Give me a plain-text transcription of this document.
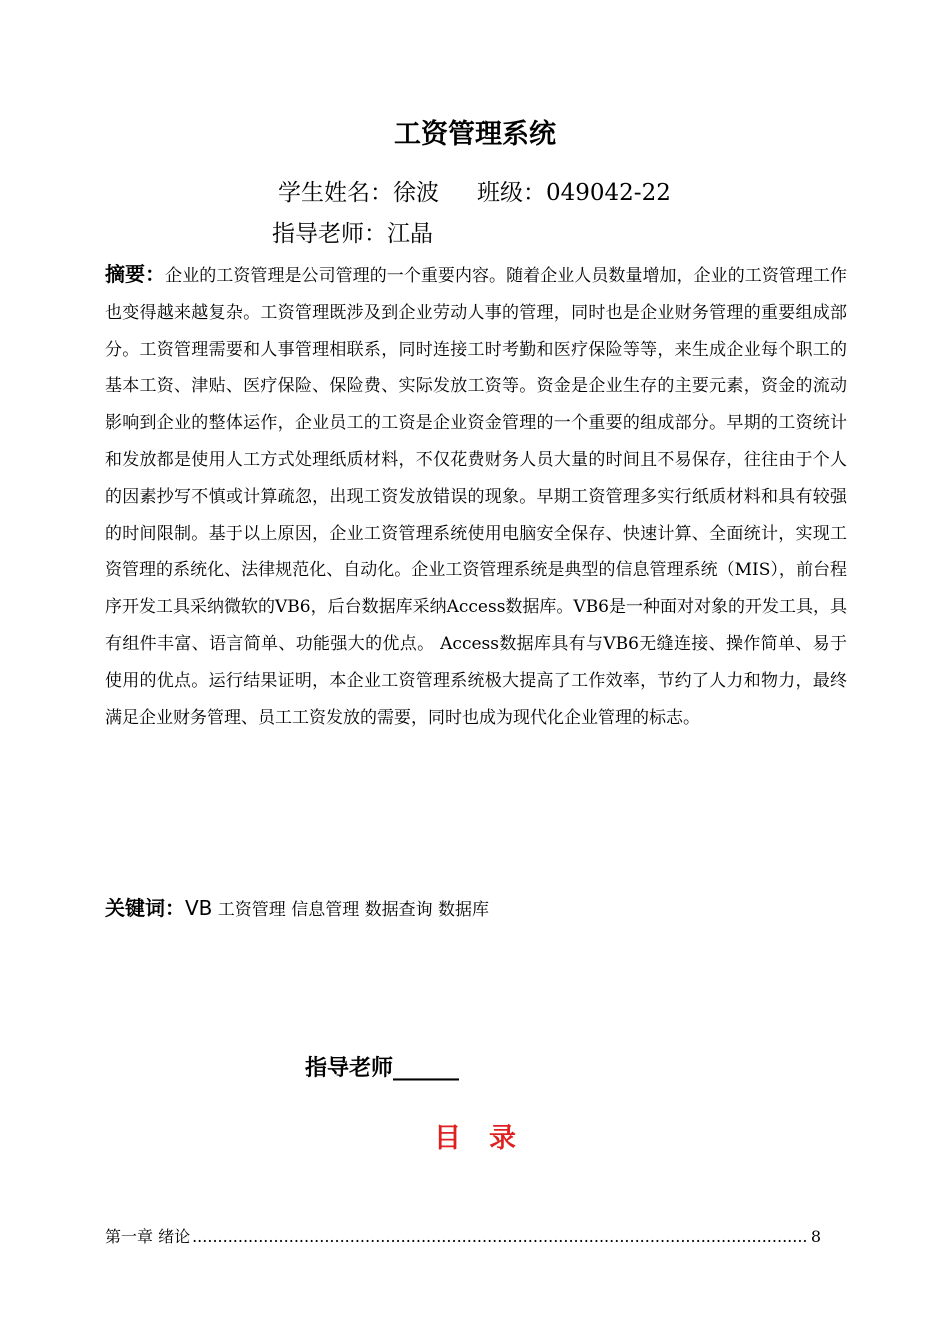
工资管理系统
学生姓名：徐波 班级：049042-22
指导老师：江晶

摘要：企业的工资管理是公司管理的一个重要内容。随着企业人员数量增加，企业的工资管理工作也变得越来越复杂。工资管理既涉及到企业劳动人事的管理，同时也是企业财务管理的重要组成部分。工资管理需要和人事管理相联系，同时连接工时考勤和医疗保险等等，来生成企业每个职工的基本工资、津贴、医疗保险、保险费、实际发放工资等。资金是企业生存的主要元素，资金的流动影响到企业的整体运作，企业员工的工资是企业资金管理的一个重要的组成部分。早期的工资统计和发放都是使用人工方式处理纸质材料，不仅花费财务人员大量的时间且不易保存，往往由于个人的因素抄写不慎或计算疏忽，出现工资发放错误的现象。早期工资管理多实行纸质材料和具有较强的时间限制。基于以上原因，企业工资管理系统使用电脑安全保存、快速计算、全面统计，实现工资管理的系统化、法律规范化、自动化。企业工资管理系统是典型的信息管理系统（MIS），前台程序开发工具采纳微软的VB6，后台数据库采纳Access数据库。VB6是一种面对对象的开发工具，具有组件丰富、语言简单、功能强大的优点。 Access数据库具有与VB6无缝连接、操作简单、易于使用的优点。运行结果证明，本企业工资管理系统极大提高了工作效率，节约了人力和物力，最终满足企业财务管理、员工工资发放的需要，同时也成为现代化企业管理的标志。

关键词：VB 工资管理 信息管理 数据查询 数据库
指导老师______
目录
第一章 绪论
.....	8
